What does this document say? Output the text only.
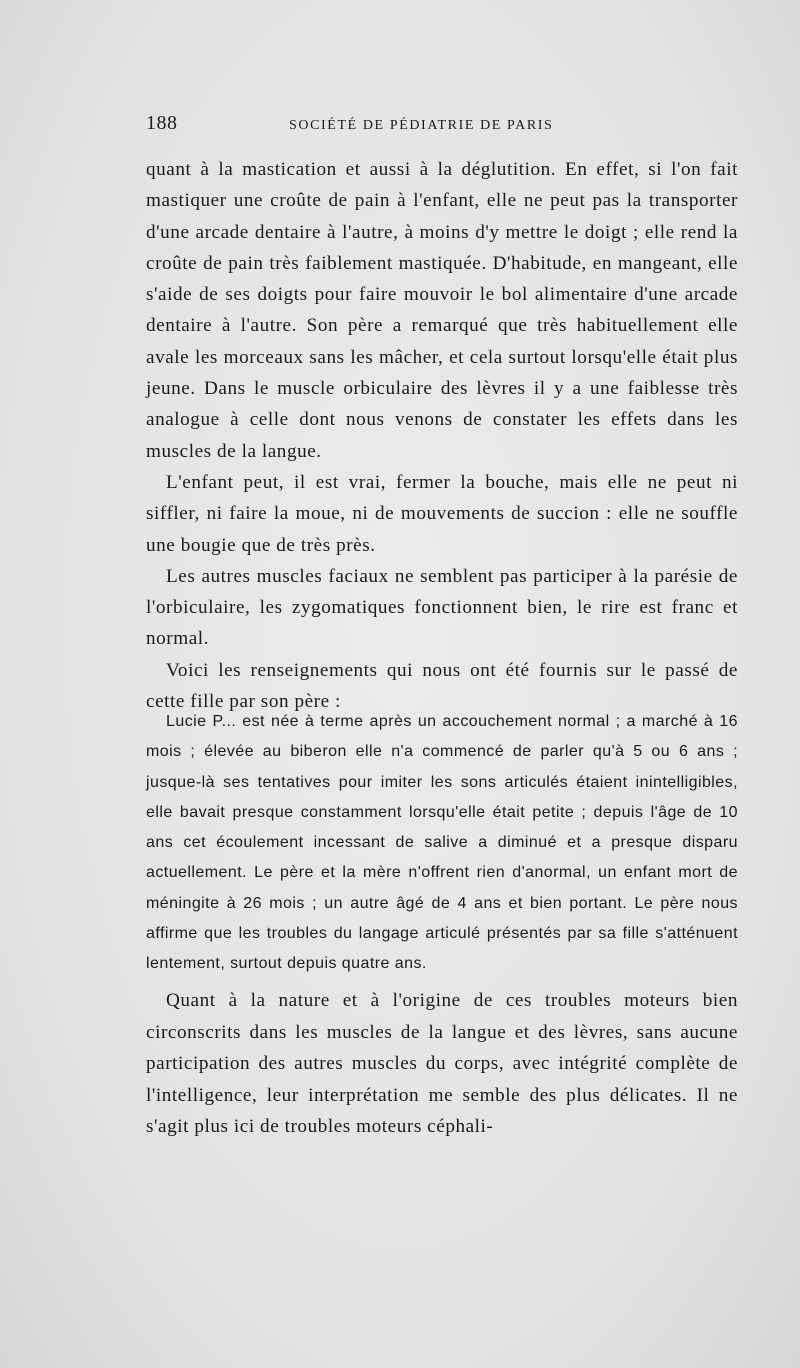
188	SOCIÉTÉ DE PÉDIATRIE DE PARIS

quant à la mastication et aussi à la déglutition. En effet, si l'on fait mastiquer une croûte de pain à l'enfant, elle ne peut pas la transporter d'une arcade dentaire à l'autre, à moins d'y mettre le doigt ; elle rend la croûte de pain très faiblement mastiquée. D'habitude, en mangeant, elle s'aide de ses doigts pour faire mouvoir le bol alimentaire d'une arcade dentaire à l'autre. Son père a remarqué que très habituellement elle avale les morceaux sans les mâcher, et cela surtout lorsqu'elle était plus jeune. Dans le muscle orbiculaire des lèvres il y a une faiblesse très analogue à celle dont nous venons de constater les effets dans les muscles de la langue.

L'enfant peut, il est vrai, fermer la bouche, mais elle ne peut ni siffler, ni faire la moue, ni de mouvements de succion : elle ne souffle une bougie que de très près.

Les autres muscles faciaux ne semblent pas participer à la parésie de l'orbiculaire, les zygomatiques fonctionnent bien, le rire est franc et normal.

Voici les renseignements qui nous ont été fournis sur le passé de cette fille par son père :

Lucie P... est née à terme après un accouchement normal ; a marché à 16 mois ; élevée au biberon elle n'a commencé de parler qu'à 5 ou 6 ans ; jusque-là ses tentatives pour imiter les sons articulés étaient inintelligibles, elle bavait presque constamment lorsqu'elle était petite ; depuis l'âge de 10 ans cet écoulement incessant de salive a diminué et a presque disparu actuellement. Le père et la mère n'offrent rien d'anormal, un enfant mort de méningite à 26 mois ; un autre âgé de 4 ans et bien portant. Le père nous affirme que les troubles du langage articulé présentés par sa fille s'atténuent lentement, surtout depuis quatre ans.
Quant à la nature et à l'origine de ces troubles moteurs bien circonscrits dans les muscles de la langue et des lèvres, sans aucune participation des autres muscles du corps, avec intégrité complète de l'intelligence, leur interprétation me semble des plus délicates. Il ne s'agit plus ici de troubles moteurs céphali-
